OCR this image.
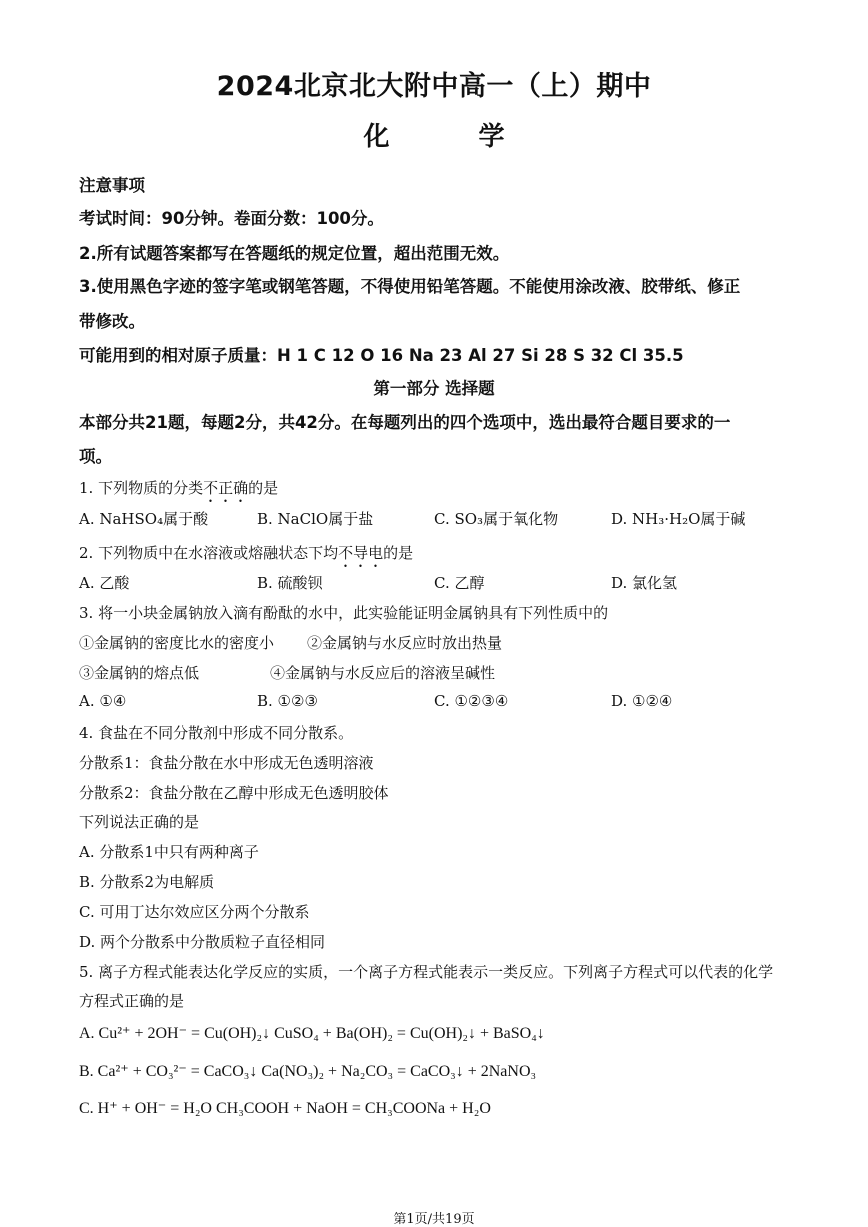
2024北京北大附中高一（上）期中
化 学
注意事项
考试时间：90分钟。卷面分数：100分。
2.所有试题答案都写在答题纸的规定位置，超出范围无效。
3.使用黑色字迹的签字笔或钢笔答题，不得使用铅笔答题。不能使用涂改液、胶带纸、修正
带修改。
可能用到的相对原子质量：H 1 C 12 O 16 Na 23 Al 27 Si 28 S 32 Cl 35.5
第一部分 选择题
本部分共21题，每题2分，共42分。在每题列出的四个选项中，选出最符合题目要求的一
项。
1. 下列物质的分类不正确的是
A. NaHSO₄属于酸	B. NaClO属于盐	C. SO₃属于氧化物	D. NH₃·H₂O属于碱
2. 下列物质中在水溶液或熔融状态下均不导电的是
A. 乙酸	B. 硫酸钡	C. 乙醇	D. 氯化氢
3. 将一小块金属钠放入滴有酚酞的水中，此实验能证明金属钠具有下列性质中的
①金属钠的密度比水的密度小 ②金属钠与水反应时放出热量
③金属钠的熔点低	④金属钠与水反应后的溶液呈碱性
A. ①④	B. ①②③	C. ①②③④	D. ①②④
4. 食盐在不同分散剂中形成不同分散系。
分散系1：食盐分散在水中形成无色透明溶液
分散系2：食盐分散在乙醇中形成无色透明胶体
下列说法正确的是
A. 分散系1中只有两种离子
B. 分散系2为电解质
C. 可用丁达尔效应区分两个分散系
D. 两个分散系中分散质粒子直径相同
5. 离子方程式能表达化学反应的实质，一个离子方程式能表示一类反应。下列离子方程式可以代表的化学
方程式正确的是
A. Cu²⁺ + 2OH⁻ = Cu(OH)₂↓ CuSO₄ + Ba(OH)₂ = Cu(OH)₂↓ + BaSO₄↓
B. Ca²⁺ + CO₃²⁻ = CaCO₃↓ Ca(NO₃)₂ + Na₂CO₃ = CaCO₃↓ + 2NaNO₃
C. H⁺ + OH⁻ = H₂O CH₃COOH + NaOH = CH₃COONa + H₂O
第1页/共19页
